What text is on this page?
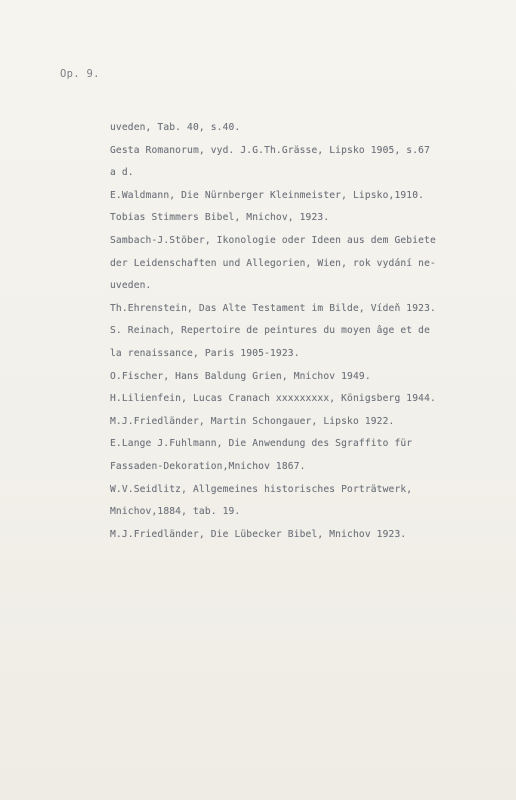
Op. 9.
uveden, Tab. 40, s.40.
Gesta Romanorum, vyd. J.G.Th.Grässe, Lipsko 1905, s.67
a d.
E.Waldmann, Die Nürnberger Kleinmeister, Lipsko,1910.
Tobias Stimmers Bibel, Mnichov, 1923.
Sambach-J.Stöber, Ikonologie oder Ideen aus dem Gebiete
der Leidenschaften und Allegorien, Wien, rok vydání ne-
uveden.
Th.Ehrenstein, Das Alte Testament im Bilde, Vídeň 1923.
S. Reinach, Repertoire de peintures du moyen âge et de
la renaissance, Paris 1905-1923.
O.Fischer, Hans Baldung Grien, Mnichov 1949.
H.Lilienfein, Lucas Cranach xxxxxxxxx, Königsberg 1944.
M.J.Friedländer, Martin Schongauer, Lipsko 1922.
E.Lange J.Fuhlmann, Die Anwendung des Sgraffito für
Fassaden-Dekoration,Mnichov 1867.
W.V.Seidlitz, Allgemeines historisches Porträtwerk,
Mnichov,1884, tab. 19.
M.J.Friedländer, Die Lübecker Bibel, Mnichov 1923.
